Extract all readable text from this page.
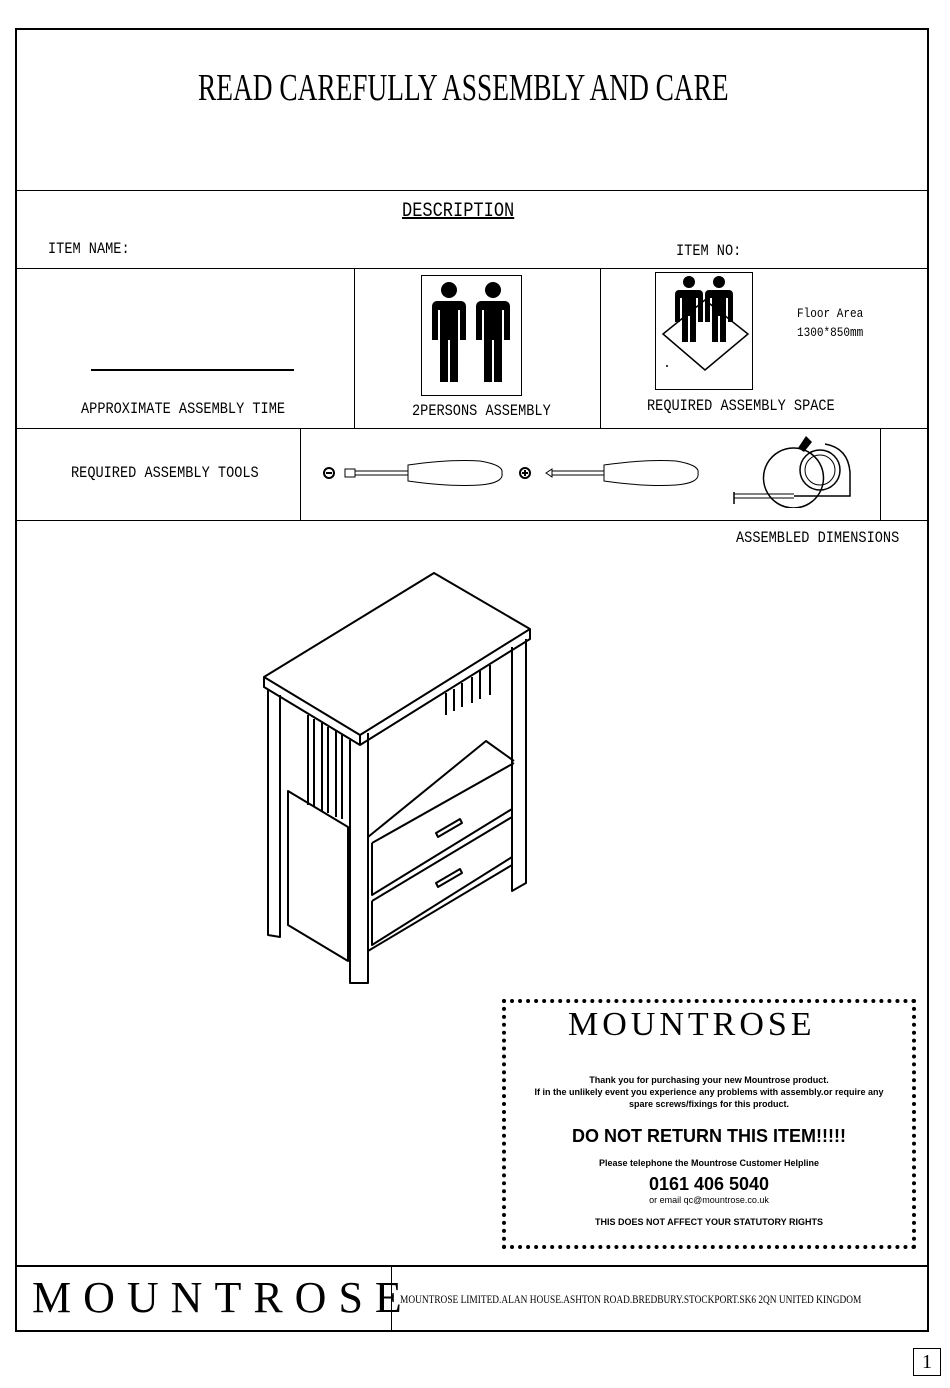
READ CAREFULLY ASSEMBLY AND CARE
DESCRIPTION
ITEM NAME:	ITEM NO:
APPROXIMATE ASSEMBLY TIME	2PERSONS ASSEMBLY
Floor Area
1300*850mm
REQUIRED ASSEMBLY SPACE
REQUIRED ASSEMBLY TOOLS
ASSEMBLED DIMENSIONS
MOUNTROSE
Thank you for purchasing your new Mountrose product.
If in the unlikely event you experience any problems with assembly.or require any
spare screws/fixings for this product.
DO NOT RETURN THIS ITEM!!!!!
Please telephone the Mountrose Customer Helpline
0161 406 5040
or email qc@mountrose.co.uk
THIS DOES NOT AFFECT YOUR STATUTORY RIGHTS
MOUNTROSE
MOUNTROSE LIMITED.ALAN HOUSE.ASHTON ROAD.BREDBURY.STOCKPORT.SK6 2QN UNITED KINGDOM
1
